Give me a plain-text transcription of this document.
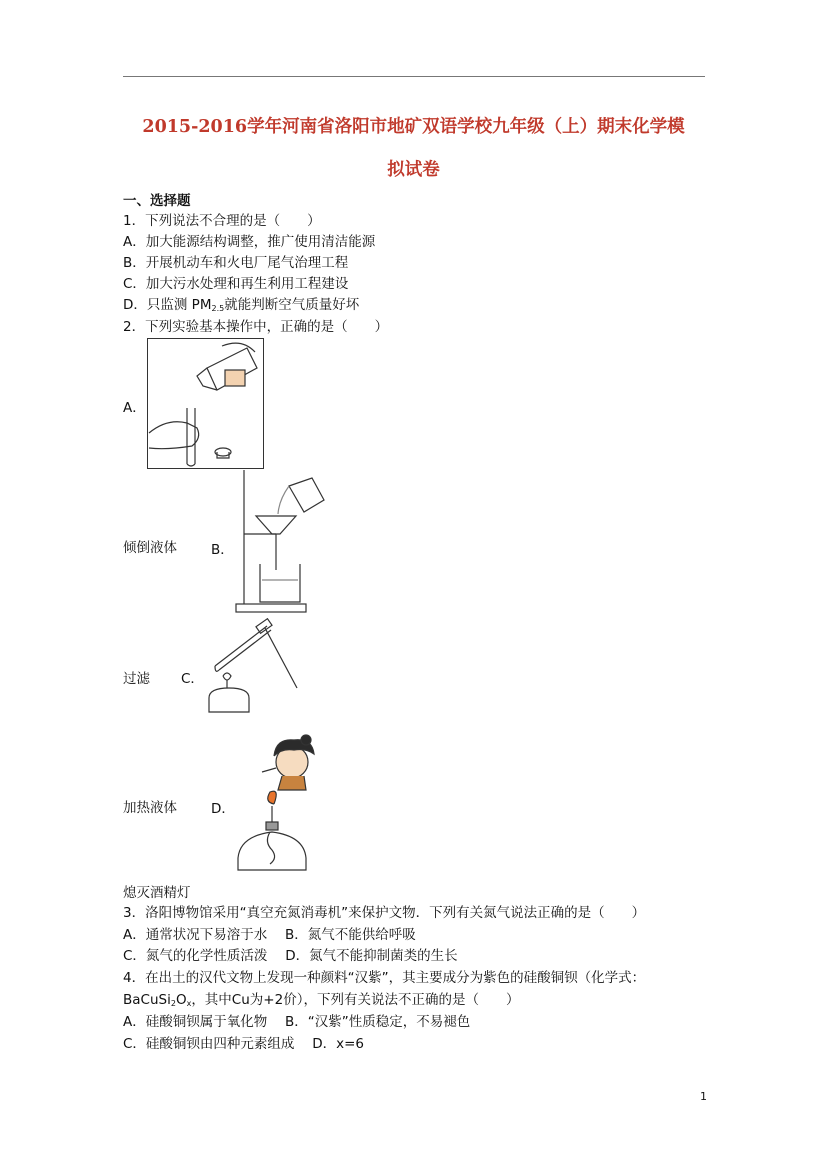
2015-2016学年河南省洛阳市地矿双语学校九年级（上）期末化学模
拟试卷
一、选择题
1．下列说法不合理的是（　　）
A．加大能源结构调整，推广使用清洁能源
B．开展机动车和火电厂尾气治理工程
C．加大污水处理和再生利用工程建设
D．只监测 $PM_{2.5}$就能判断空气质量好坏
2．下列实验基本操作中，正确的是（　　）
A．
倾倒液体	B．
过滤 C．
加热液体	D．
熄灭酒精灯
3．洛阳博物馆采用“真空充氮消毒机”来保护文物．下列有关氮气说法正确的是（　　）
A．通常状况下易溶于水　 B．氮气不能供给呼吸
C．氮气的化学性质活泼　 D．氮气不能抑制菌类的生长
4．在出土的汉代文物上发现一种颜料“汉紫”，其主要成分为紫色的硅酸铜钡（化学式：
$BaCuSi_2O_x$，其中Cu为+2价），下列有关说法不正确的是（　　）
A．硅酸铜钡属于氧化物　 B．“汉紫”性质稳定，不易褪色
C．硅酸铜钡由四种元素组成　 D．x=6
1
